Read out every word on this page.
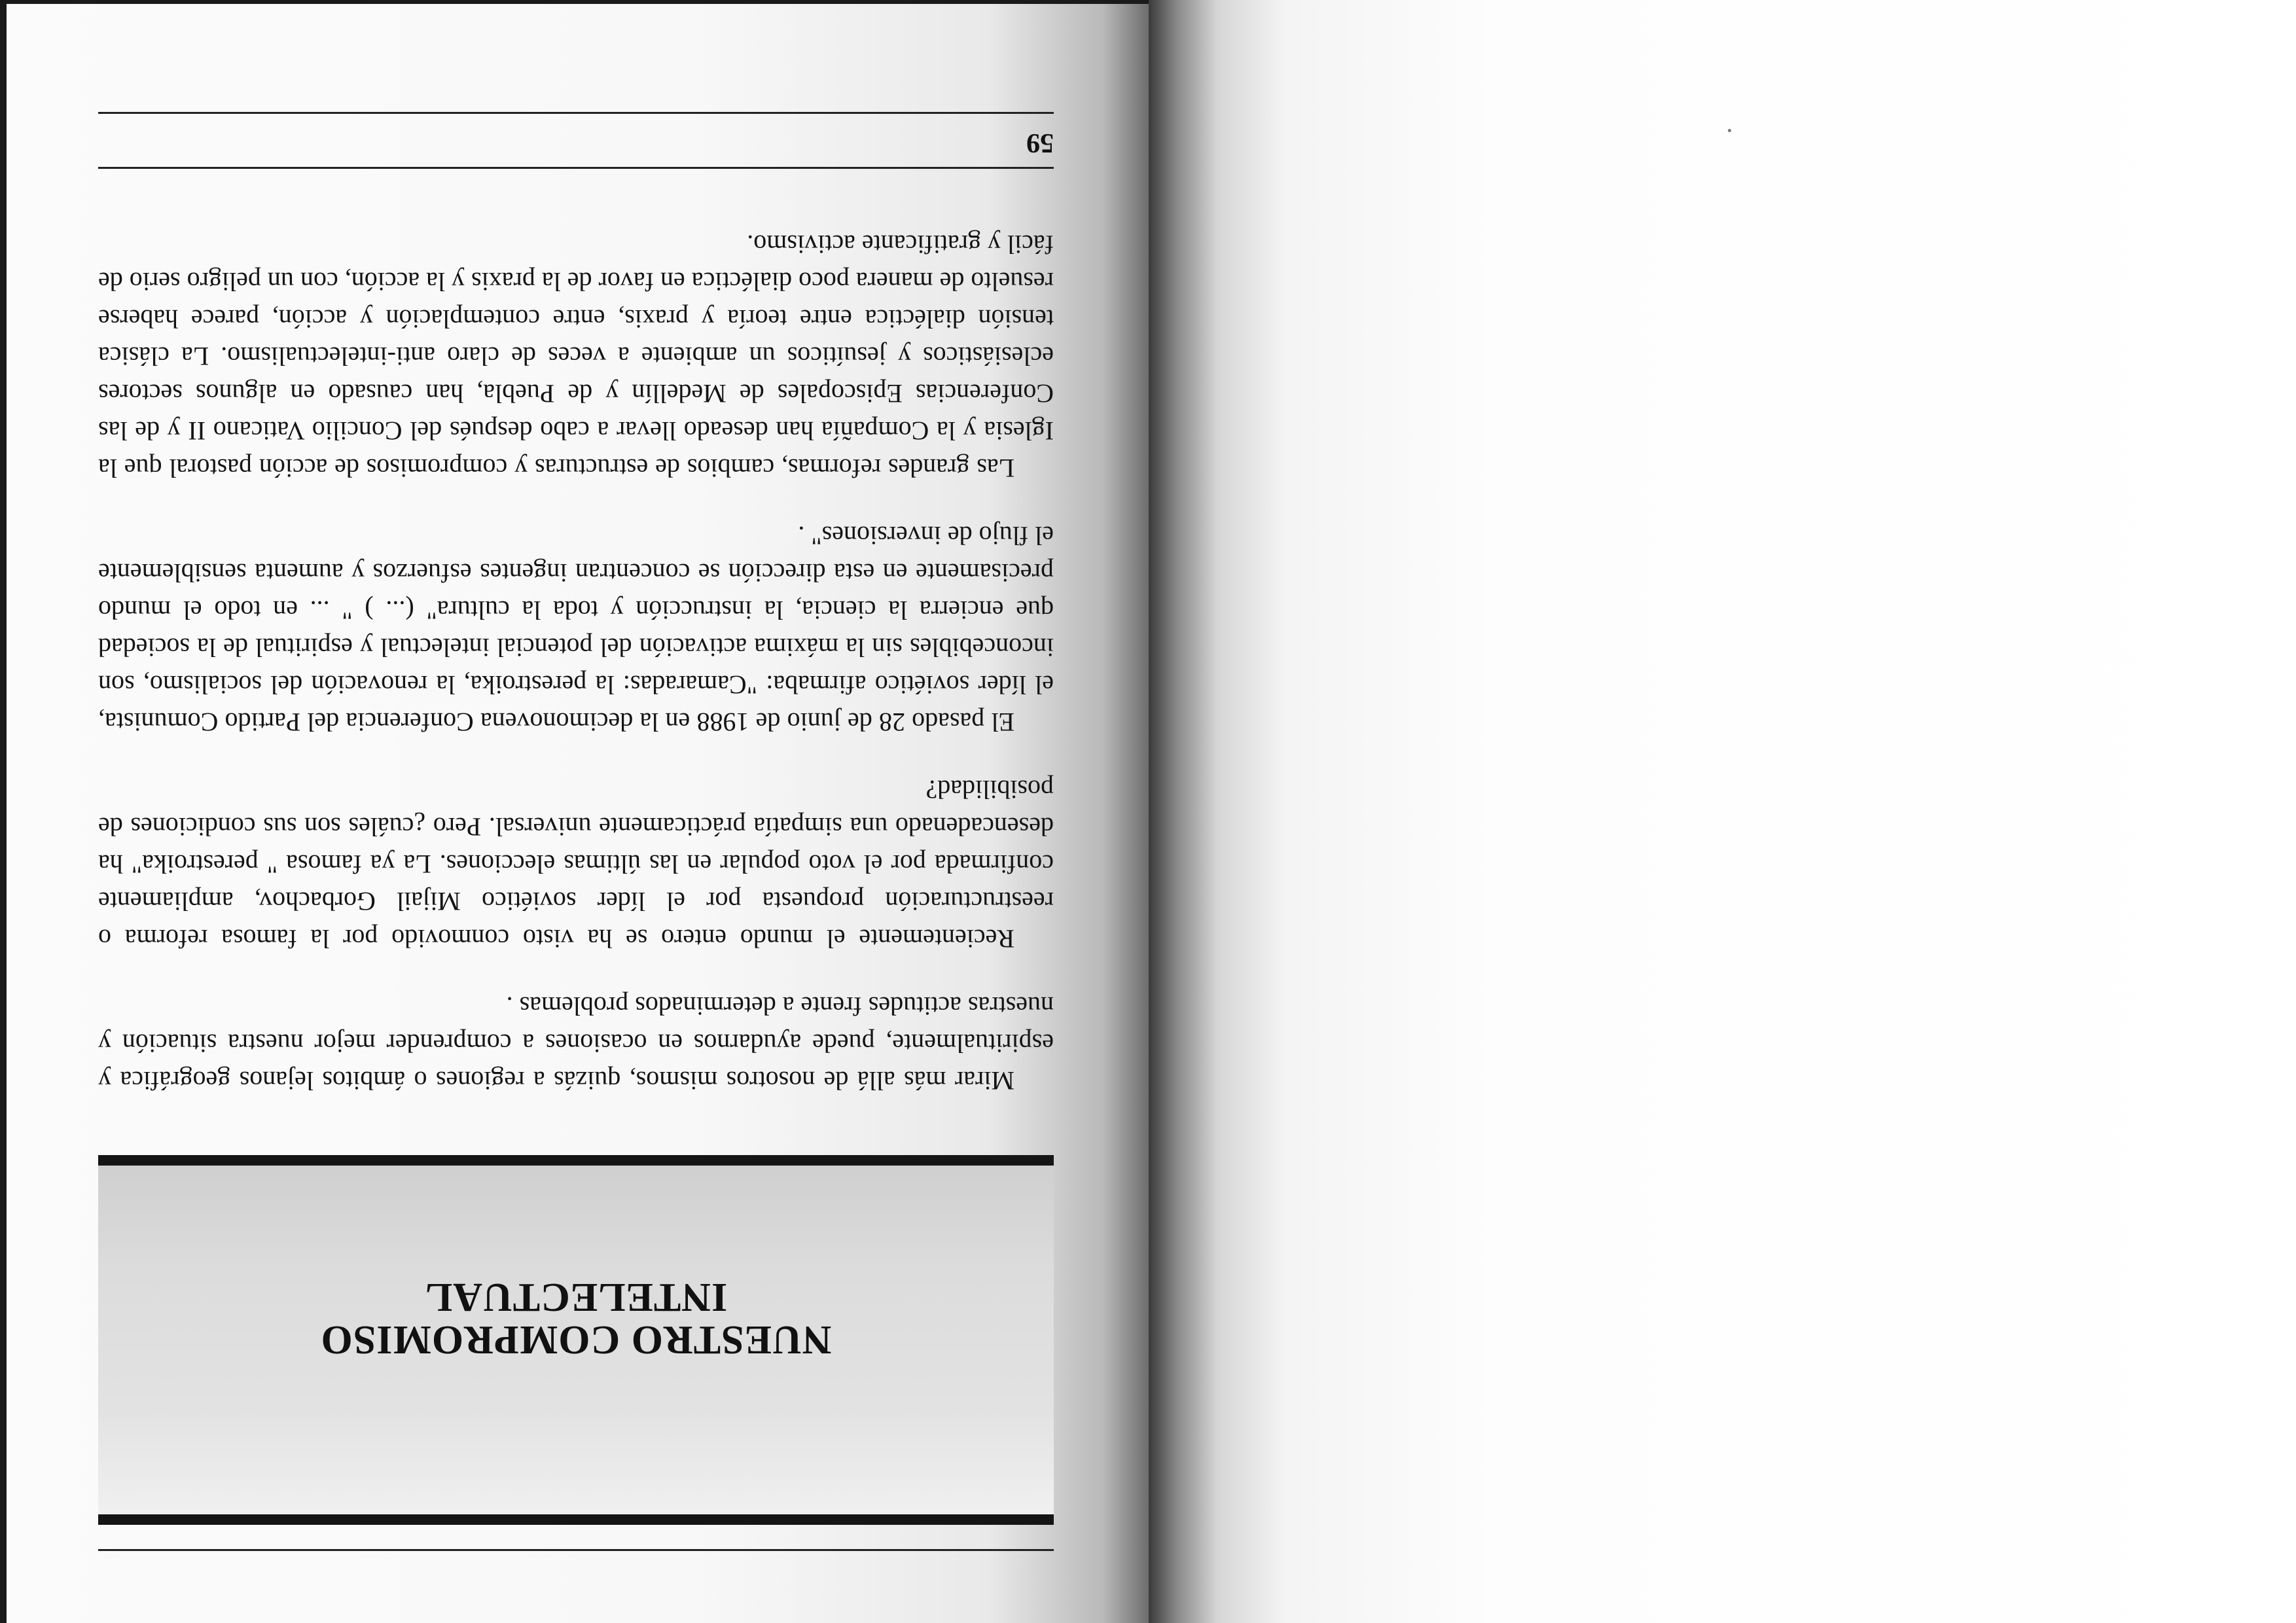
NUESTRO COMPROMISO
INTELECTUAL

Mirar más allá de nosotros mismos, quizás a regiones o ámbitos lejanos geográfica y espiritualmente, puede ayudarnos en ocasiones a comprender mejor nuestra situación y nuestras actitudes frente a determinados problemas .

Recientemente el mundo entero se ha visto conmovido por la famosa reforma o reestructuración propuesta por el líder soviético Mijail Gorbachov, ampliamente confirmada por el voto popular en las últimas elecciones. La ya famosa " perestroika" ha desencadenado una simpatía prácticamente universal. Pero ¿cuáles son sus condiciones de posibilidad?

El pasado 28 de junio de 1988 en la decimonovena Conferencia del Partido Comunista, el líder soviético afirmaba: "Camaradas: la perestroika, la renovación del socialismo, son inconcebibles sin la máxima activación del potencial intelectual y espiritual de la sociedad que encierra la ciencia, la instrucción y toda la cultura" (... ) " ... en todo el mundo precisamente en esta dirección se concentran ingentes esfuerzos y aumenta sensiblemente el flujo de inversiones" .

Las grandes reformas, cambios de estructuras y compromisos de acción pastoral que la Iglesia y la Compañía han deseado llevar a cabo después del Concilio Vaticano II y de las Conferencias Episcopales de Medellín y de Puebla, han causado en algunos sectores eclesiásticos y jesuíticos un ambiente a veces de claro anti-intelectualismo. La clásica tensión dialéctica entre teoría y praxis, entre contemplación y acción, parece haberse resuelto de manera poco dialéctica en favor de la praxis y la acción, con un peligro serio de fácil y gratificante activismo.

59
